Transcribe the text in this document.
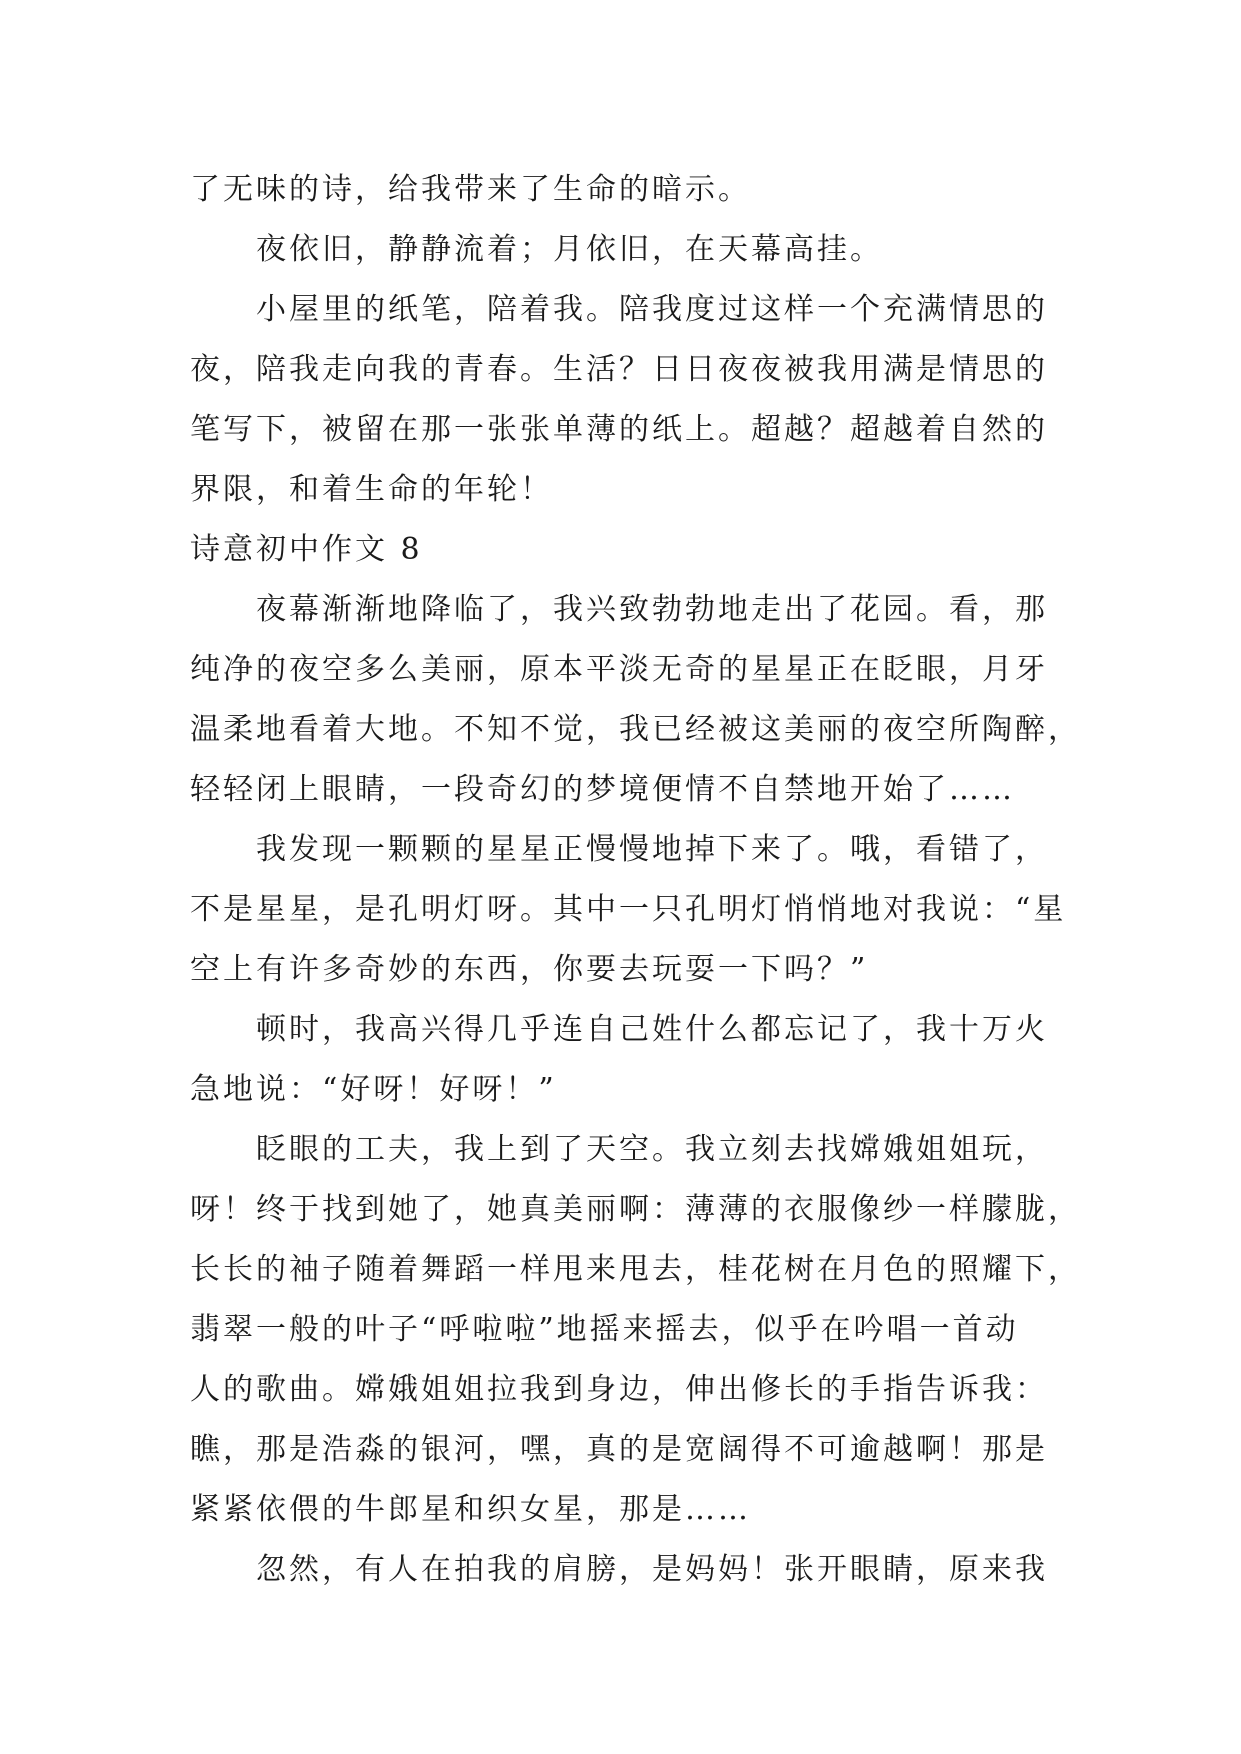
了无味的诗，给我带来了生命的暗示。
夜依旧，静静流着；月依旧，在天幕高挂。
小屋里的纸笔，陪着我。陪我度过这样一个充满情思的
夜，陪我走向我的青春。生活？日日夜夜被我用满是情思的
笔写下，被留在那一张张单薄的纸上。超越？超越着自然的
界限，和着生命的年轮！
诗意初中作文 8
夜幕渐渐地降临了，我兴致勃勃地走出了花园。看，那
纯净的夜空多么美丽，原本平淡无奇的星星正在眨眼，月牙
温柔地看着大地。不知不觉，我已经被这美丽的夜空所陶醉，
轻轻闭上眼睛，一段奇幻的梦境便情不自禁地开始了……
我发现一颗颗的星星正慢慢地掉下来了。哦，看错了，
不是星星，是孔明灯呀。其中一只孔明灯悄悄地对我说：“星
空上有许多奇妙的东西，你要去玩耍一下吗？”
顿时，我高兴得几乎连自己姓什么都忘记了，我十万火
急地说：“好呀！好呀！”
眨眼的工夫，我上到了天空。我立刻去找嫦娥姐姐玩，
呀！终于找到她了，她真美丽啊：薄薄的衣服像纱一样朦胧，
长长的袖子随着舞蹈一样甩来甩去，桂花树在月色的照耀下，
翡翠一般的叶子“呼啦啦”地摇来摇去，似乎在吟唱一首动
人的歌曲。嫦娥姐姐拉我到身边，伸出修长的手指告诉我：
瞧，那是浩淼的银河，嘿，真的是宽阔得不可逾越啊！那是
紧紧依偎的牛郎星和织女星，那是……
忽然，有人在拍我的肩膀，是妈妈！张开眼睛，原来我
